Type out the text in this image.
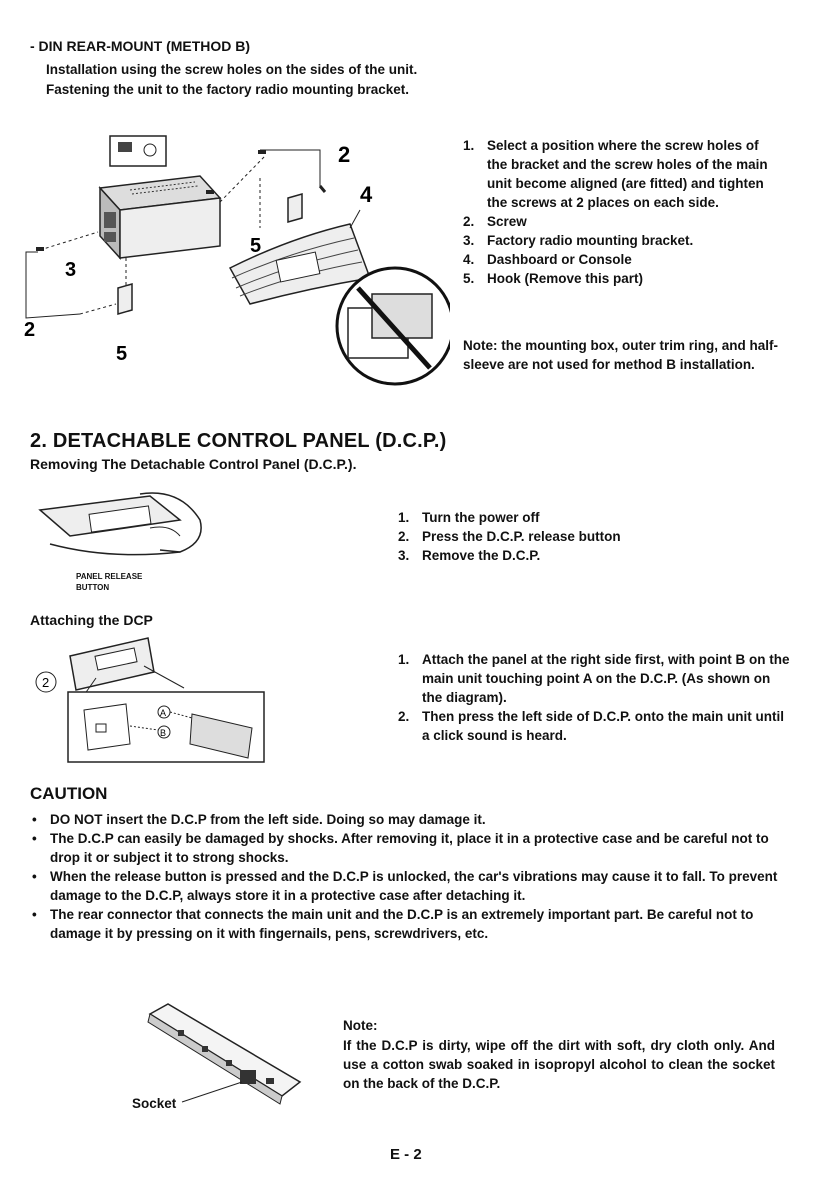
- DIN REAR-MOUNT (METHOD B)
Installation using the screw holes on the sides of the unit.
Fastening the unit to the factory radio mounting bracket.
2
3
2
5
5
4
1. Select a position where the screw holes of the bracket and the screw holes of the main unit become aligned (are fitted) and tighten the screws at 2 places on each side.
2. Screw
3. Factory radio mounting bracket.
4. Dashboard or Console
5. Hook (Remove this part)
Note: the mounting box, outer trim ring, and half-sleeve are not used for method B installation.
2. DETACHABLE CONTROL PANEL (D.C.P.)
Removing The Detachable Control Panel (D.C.P.).
PANEL RELEASE
BUTTON
1. Turn the power off
2. Press the D.C.P. release button
3. Remove the D.C.P.
Attaching the DCP
2
A
B
1. Attach the panel at the right side first, with point B on the main unit touching point A on the D.C.P. (As shown on the diagram).
2. Then press the left side of D.C.P. onto the main unit until a click sound is heard.
CAUTION
• DO NOT insert the D.C.P from the left side. Doing so may damage it.
• The D.C.P can easily be damaged by shocks. After removing it, place it in a protective case and be careful not to drop it or subject it to strong shocks.
• When the release button is pressed and the D.C.P is unlocked, the car's vibrations may cause it to fall. To prevent damage to the D.C.P, always store it in a protective case after detaching it.
• The rear connector that connects the main unit and the D.C.P is an extremely important part. Be careful not to damage it by pressing on it with fingernails, pens, screwdrivers, etc.
Socket
Note:
If the D.C.P is dirty, wipe off the dirt with soft, dry cloth only. And use a cotton swab soaked in isopropyl alcohol to clean the socket on the back of the D.C.P.
E - 2
